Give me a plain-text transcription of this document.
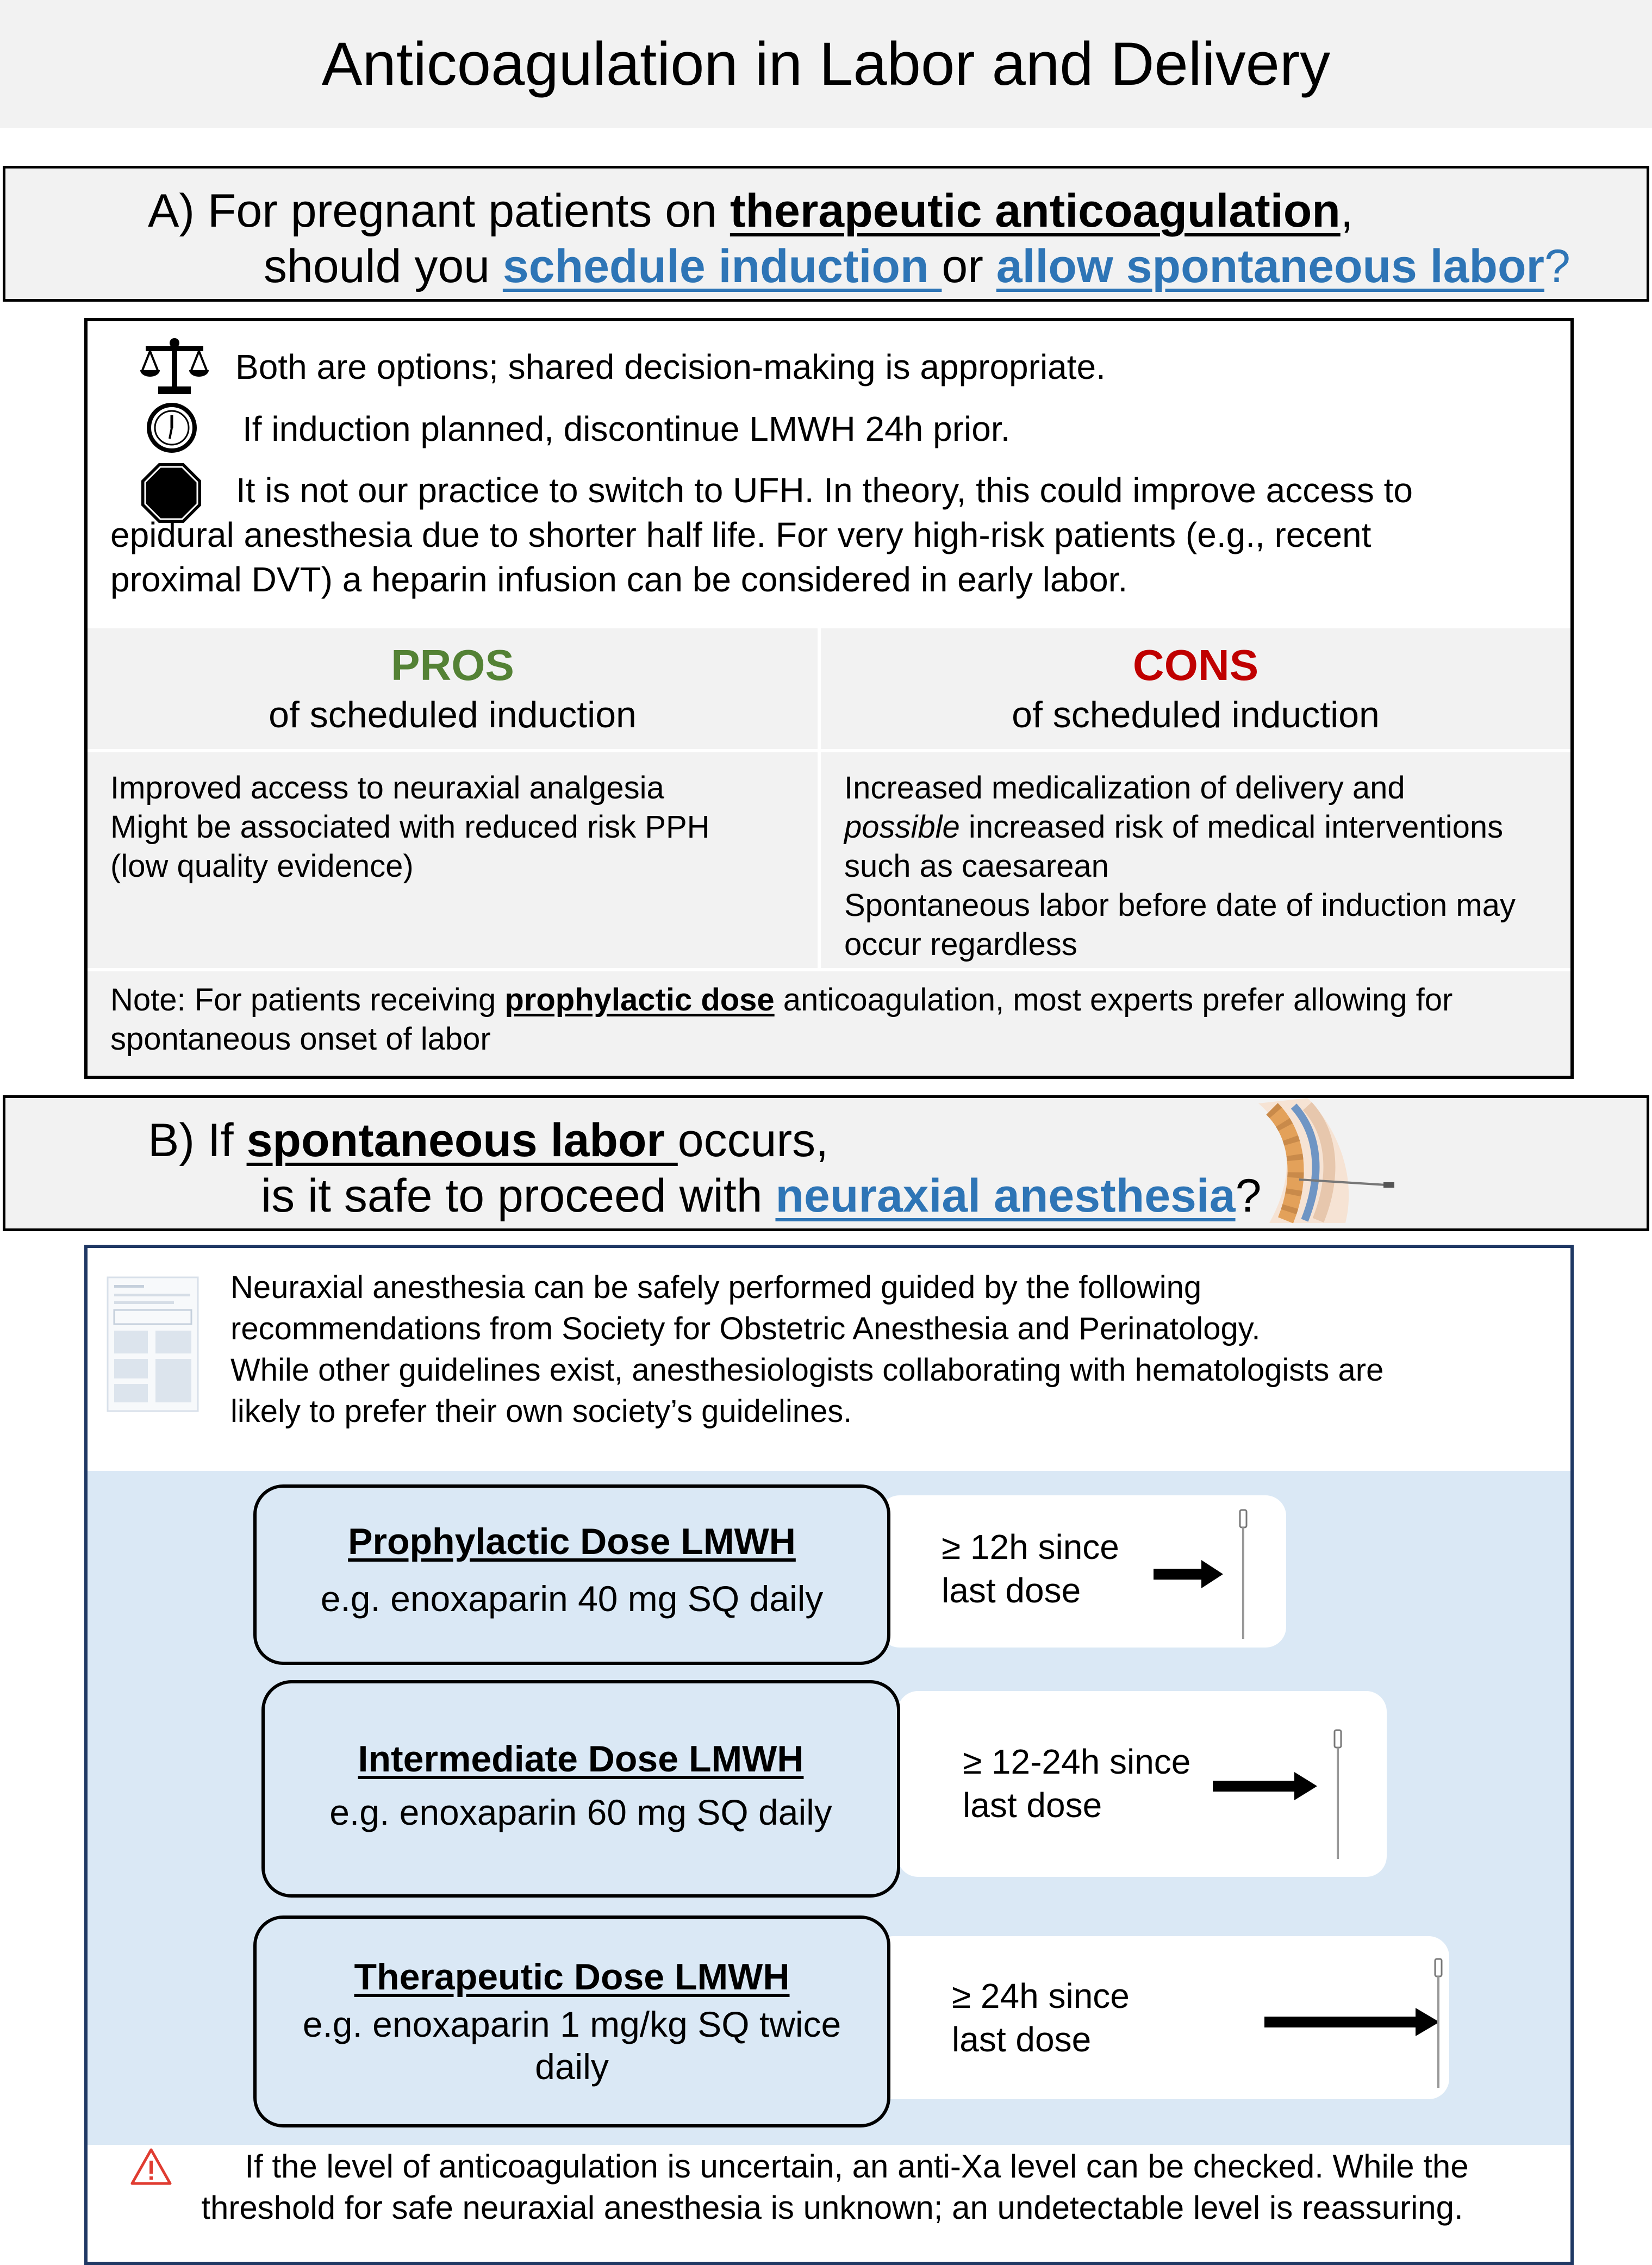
Anticoagulation in Labor and Delivery
A) For pregnant patients on therapeutic anticoagulation,
should you schedule induction or allow spontaneous labor?
Both are options; shared decision-making is appropriate.
If induction planned, discontinue LMWH 24h prior.
It is not our practice to switch to UFH. In theory, this could improve access to
epidural anesthesia due to shorter half life. For very high-risk patients (e.g., recent
proximal DVT) a heparin infusion can be considered in early labor.
PROS
of scheduled induction
CONS
of scheduled induction
Improved access to neuraxial analgesia
Might be associated with reduced risk PPH
(low quality evidence)
Increased medicalization of delivery and
possible increased risk of medical interventions
such as caesarean
Spontaneous labor before date of induction may
occur regardless
Note: For patients receiving prophylactic dose anticoagulation, most experts prefer allowing for
spontaneous onset of labor
B) If spontaneous labor occurs,
is it safe to proceed with neuraxial anesthesia?
Neuraxial anesthesia can be safely performed guided by the following
recommendations from Society for Obstetric Anesthesia and Perinatology.
While other guidelines exist, anesthesiologists collaborating with hematologists are
likely to prefer their own society’s guidelines.
≥ 12h since
last dose
Prophylactic Dose LMWH
e.g. enoxaparin 40 mg SQ daily
≥ 12-24h since
last dose
Intermediate Dose LMWH
e.g. enoxaparin 60 mg SQ daily
≥ 24h since
last dose
Therapeutic Dose LMWH
e.g. enoxaparin 1 mg/kg SQ twice
daily
If the level of anticoagulation is uncertain, an anti-Xa level can be checked. While the
threshold for safe neuraxial anesthesia is unknown; an undetectable level is reassuring.
